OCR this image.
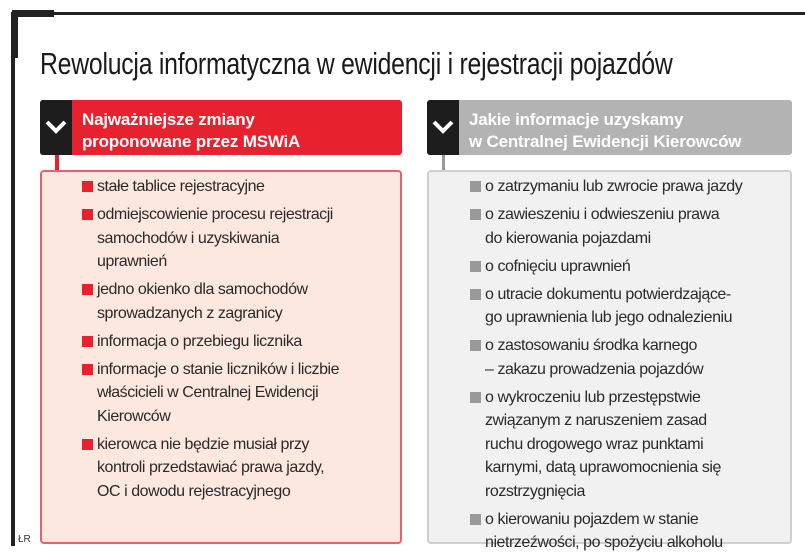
Rewolucja informatyczna w ewidencji i rejestracji pojazdów
Najważniejsze zmiany
proponowane przez MSWiA
stałe tablice rejestracyjne
odmiejscowienie procesu rejestracji
samochodów i uzyskiwania
uprawnień
jedno okienko dla samochodów
sprowadzanych z zagranicy
informacja o przebiegu licznika
informacje o stanie liczników i liczbie
właścicieli w Centralnej Ewidencji
Kierowców
kierowca nie będzie musiał przy
kontroli przedstawiać prawa jazdy,
OC i dowodu rejestracyjnego
Jakie informacje uzyskamy
w Centralnej Ewidencji Kierowców
o zatrzymaniu lub zwrocie prawa jazdy
o zawieszeniu i odwieszeniu prawa
do kierowania pojazdami
o cofnięciu uprawnień
o utracie dokumentu potwierdzające-
go uprawnienia lub jego odnalezieniu
o zastosowaniu środka karnego
– zakazu prowadzenia pojazdów
o wykroczeniu lub przestępstwie
związanym z naruszeniem zasad
ruchu drogowego wraz punktami
karnymi, datą uprawomocnienia się
rozstrzygnięcia
o kierowaniu pojazdem w stanie
nietrzeźwości, po spożyciu alkoholu
ŁR
